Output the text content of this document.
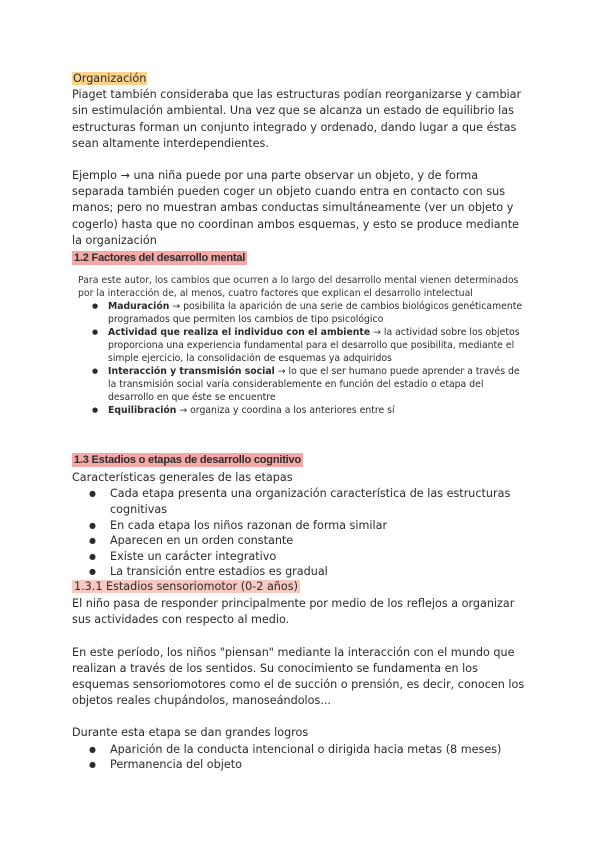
Organización

Piaget también consideraba que las estructuras podían reorganizarse y cambiar sin estimulación ambiental. Una vez que se alcanza un estado de equilibrio las estructuras forman un conjunto integrado y ordenado, dando lugar a que éstas sean altamente interdependientes.

Ejemplo → una niña puede por una parte observar un objeto, y de forma separada también pueden coger un objeto cuando entra en contacto con sus manos; pero no muestran ambas conductas simultáneamente (ver un objeto y cogerlo) hasta que no coordinan ambos esquemas, y esto se produce mediante la organización

1.2 Factores del desarrollo mental

Para este autor, los cambios que ocurren a lo largo del desarrollo mental vienen determinados por la interacción de, al menos, cuatro factores que explican el desarrollo intelectual

● Maduración → posibilita la aparición de una serie de cambios biológicos genéticamente programados que permiten los cambios de tipo psicológico
● Actividad que realiza el individuo con el ambiente → la actividad sobre los objetos proporciona una experiencia fundamental para el desarrollo que posibilita, mediante el simple ejercicio, la consolidación de esquemas ya adquiridos
● Interacción y transmisión social → lo que el ser humano puede aprender a través de la transmisión social varía considerablemente en función del estadio o etapa del desarrollo en que éste se encuentre
● Equilibración → organiza y coordina a los anteriores entre sí

1.3 Estadios o etapas de desarrollo cognitivo

Características generales de las etapas

● Cada etapa presenta una organización característica de las estructuras cognitivas
● En cada etapa los niños razonan de forma similar
● Aparecen en un orden constante
● Existe un carácter integrativo
● La transición entre estadios es gradual

1.3.1 Estadios sensoriomotor (0-2 años)

El niño pasa de responder principalmente por medio de los reflejos a organizar sus actividades con respecto al medio.

En este período, los niños "piensan" mediante la interacción con el mundo que realizan a través de los sentidos. Su conocimiento se fundamenta en los esquemas sensoriomotores como el de succión o prensión, es decir, conocen los objetos reales chupándolos, manoseándolos...

Durante esta etapa se dan grandes logros

● Aparición de la conducta intencional o dirigida hacia metas (8 meses)
● Permanencia del objeto
